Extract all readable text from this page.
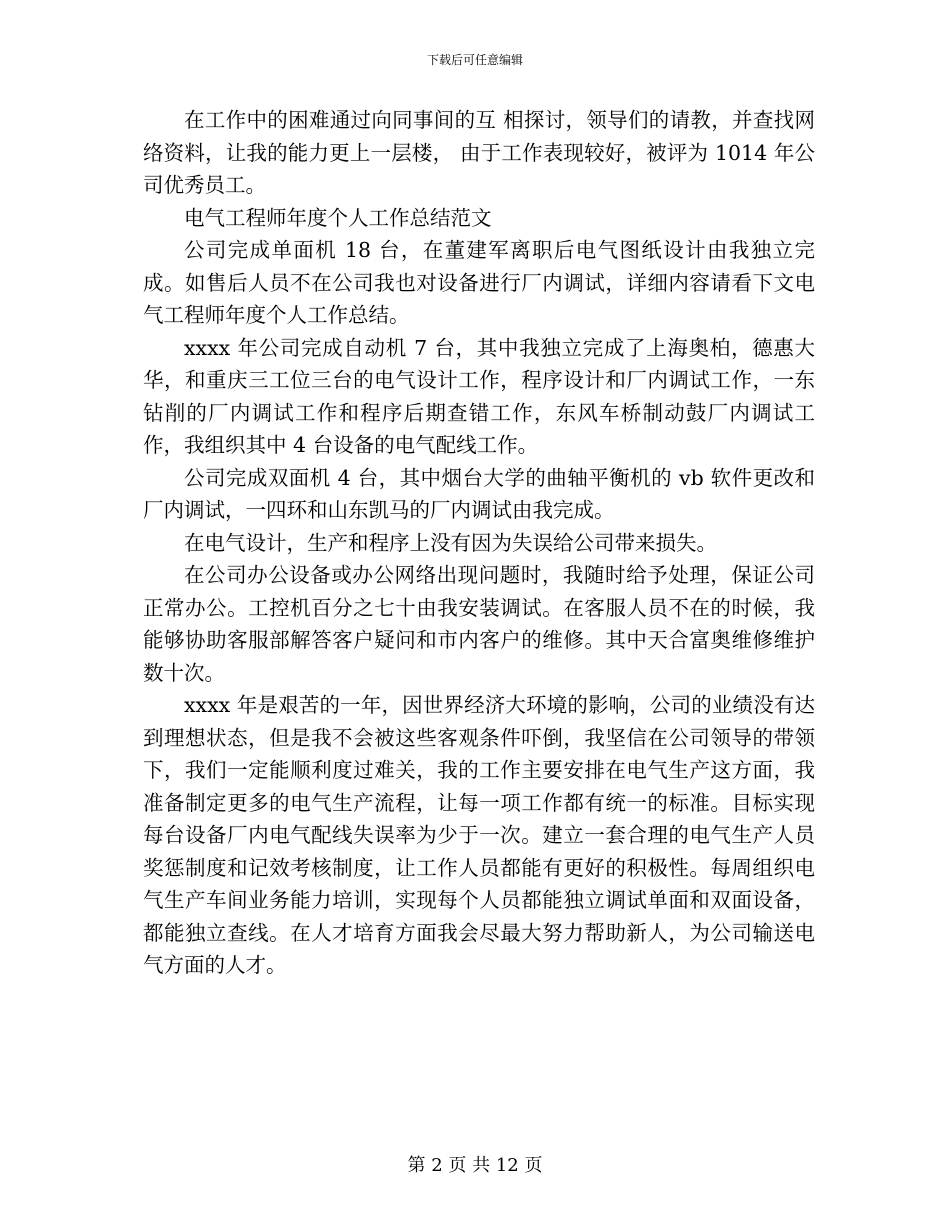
下载后可任意编辑

在工作中的困难通过向同事间的互 相探讨，领导们的请教，并查找网络资料，让我的能力更上一层楼， 由于工作表现较好，被评为 1014 年公司优秀员工。

电气工程师年度个人工作总结范文

公司完成单面机 18 台，在董建军离职后电气图纸设计由我独立完成。如售后人员不在公司我也对设备进行厂内调试，详细内容请看下文电气工程师年度个人工作总结。

xxxx 年公司完成自动机 7 台，其中我独立完成了上海奥柏，德惠大华，和重庆三工位三台的电气设计工作，程序设计和厂内调试工作，一东钻削的厂内调试工作和程序后期查错工作，东风车桥制动鼓厂内调试工作，我组织其中 4 台设备的电气配线工作。

公司完成双面机 4 台，其中烟台大学的曲轴平衡机的 vb 软件更改和厂内调试，一四环和山东凯马的厂内调试由我完成。

在电气设计，生产和程序上没有因为失误给公司带来损失。

在公司办公设备或办公网络出现问题时，我随时给予处理，保证公司正常办公。工控机百分之七十由我安装调试。在客服人员不在的时候，我能够协助客服部解答客户疑问和市内客户的维修。其中天合富奥维修维护数十次。

xxxx 年是艰苦的一年，因世界经济大环境的影响，公司的业绩没有达到理想状态，但是我不会被这些客观条件吓倒，我坚信在公司领导的带领下，我们一定能顺利度过难关，我的工作主要安排在电气生产这方面，我准备制定更多的电气生产流程，让每一项工作都有统一的标准。目标实现每台设备厂内电气配线失误率为少于一次。建立一套合理的电气生产人员奖惩制度和记效考核制度，让工作人员都能有更好的积极性。每周组织电气生产车间业务能力培训，实现每个人员都能独立调试单面和双面设备，都能独立查线。在人才培育方面我会尽最大努力帮助新人，为公司输送电气方面的人才。

第 2 页 共 12 页
